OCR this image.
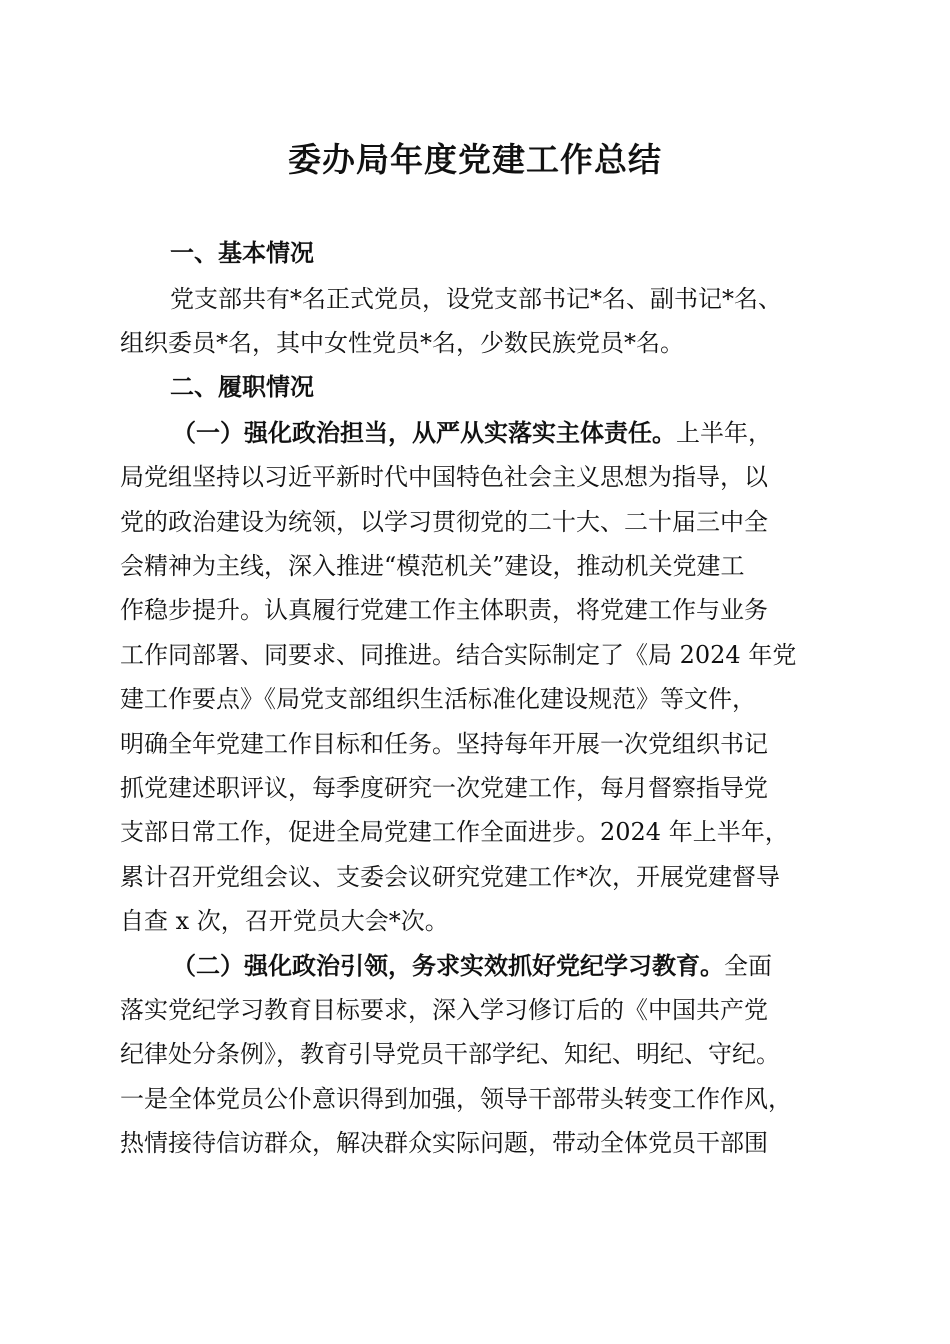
委办局年度党建工作总结
一、基本情况
党支部共有*名正式党员，设党支部书记*名、副书记*名、
组织委员*名，其中女性党员*名，少数民族党员*名。
二、履职情况
（一）强化政治担当，从严从实落实主体责任。上半年，
局党组坚持以习近平新时代中国特色社会主义思想为指导，以
党的政治建设为统领，以学习贯彻党的二十大、二十届三中全
会精神为主线，深入推进“模范机关”建设，推动机关党建工
作稳步提升。认真履行党建工作主体职责，将党建工作与业务
工作同部署、同要求、同推进。结合实际制定了《局 2024 年党
建工作要点》《局党支部组织生活标准化建设规范》等文件，
明确全年党建工作目标和任务。坚持每年开展一次党组织书记
抓党建述职评议，每季度研究一次党建工作，每月督察指导党
支部日常工作，促进全局党建工作全面进步。2024 年上半年，
累计召开党组会议、支委会议研究党建工作*次，开展党建督导
自查 x 次，召开党员大会*次。
（二）强化政治引领，务求实效抓好党纪学习教育。全面
落实党纪学习教育目标要求，深入学习修订后的《中国共产党
纪律处分条例》，教育引导党员干部学纪、知纪、明纪、守纪。
一是全体党员公仆意识得到加强，领导干部带头转变工作作风，
热情接待信访群众，解决群众实际问题，带动全体党员干部围
